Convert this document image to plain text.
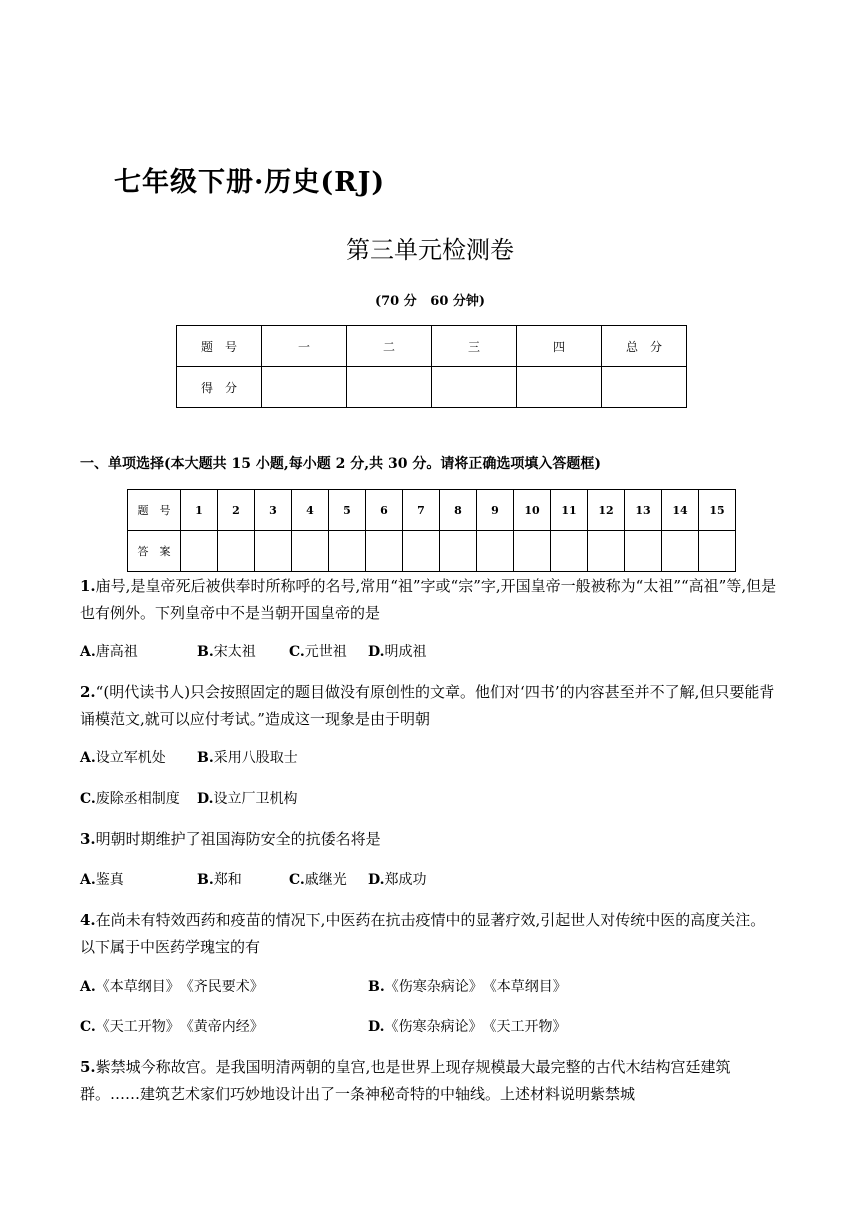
七年级下册·历史(RJ)
第三单元检测卷
(70 分   60 分钟)
题　号	一	二	三	四	总　分
得　分					
一、单项选择(本大题共 15 小题,每小题 2 分,共 30 分。请将正确选项填入答题框)
题　号	1	2	3	4	5	6	7	8	9	10	11	12	13	14	15
答　案															
1.庙号,是皇帝死后被供奉时所称呼的名号,常用“祖”字或“宗”字,开国皇帝一般被称为“太祖”“高祖”等,但是也有例外。下列皇帝中不是当朝开国皇帝的是
A.唐高祖	B.宋太祖 C.元世祖 D.明成祖
2.“(明代读书人)只会按照固定的题目做没有原创性的文章。他们对‘四书’的内容甚至并不了解,但只要能背诵模范文,就可以应付考试。”造成这一现象是由于明朝
A.设立军机处 B.采用八股取士
C.废除丞相制度 D.设立厂卫机构
3.明朝时期维护了祖国海防安全的抗倭名将是
A.鉴真	B.郑和	C.戚继光 D.郑成功
4.在尚未有特效西药和疫苗的情况下,中医药在抗击疫情中的显著疗效,引起世人对传统中医的高度关注。以下属于中医药学瑰宝的有
A.《本草纲目》　《齐民要术》	B.《伤寒杂病论》　《本草纲目》
C.《天工开物》　《黄帝内经》	D.《伤寒杂病论》　《天工开物》
5.紫禁城今称故宫。是我国明清两朝的皇宫,也是世界上现存规模最大最完整的古代木结构宫廷建筑群。……建筑艺术家们巧妙地设计出了一条神秘奇特的中轴线。上述材料说明紫禁城
